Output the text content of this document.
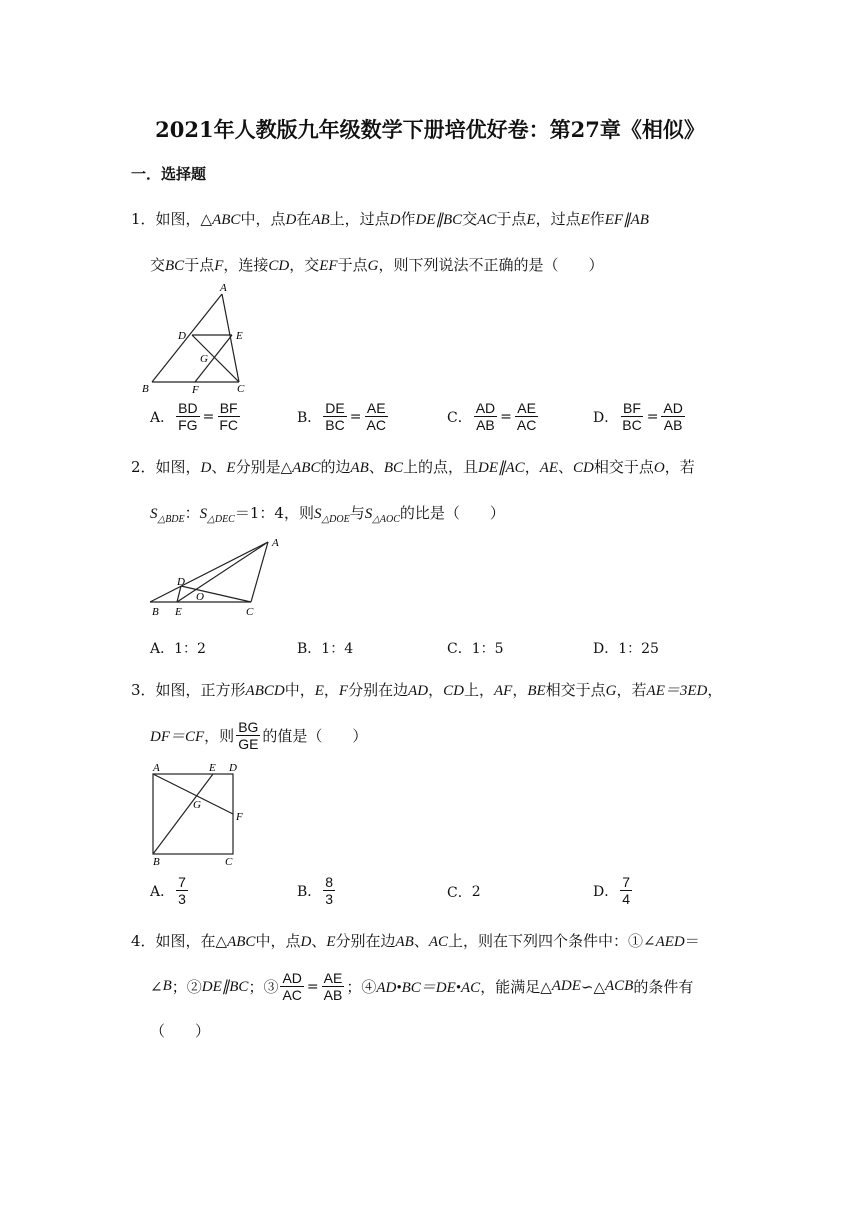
2021年人教版九年级数学下册培优好卷：第27章《相似》
一．选择题
1．如图，△ABC中，点D在AB上，过点D作DE∥BC交AC于点E，过点E作EF∥AB
交BC于点F，连接CD，交EF于点G，则下列说法不正确的是（　　）
A
B	C
D	E
F
G
A． $\frac{BD}{FG} = \frac{BF}{FC}$	B． $\frac{DE}{BC} = \frac{AE}{AC}$	C． $\frac{AD}{AB} = \frac{AE}{AC}$	D． $\frac{BF}{BC} = \frac{AD}{AB}$
2．如图，D、E分别是△ABC的边AB、BC上的点，且DE∥AC，AE、CD相交于点O，若
$S_{\triangle BDE}$：$S_{\triangle DEC}=1$：4，则$S_{\triangle DOE}$与$S_{\triangle AOC}$的比是（　　）
A
B	C
D
E
O
A． 1：2	B． 1：4	C． 1：5	D． 1：25
3．如图，正方形ABCD中，E，F分别在边AD，CD上，AF，BE相交于点G，若AE＝3ED，
DF＝CF ，则 $\frac{BG}{GE}$ 的值是（　　）
A	E D
F
G
B	C
A． $\frac{7}{3}$	B． $\frac{8}{3}$	C． 2	D． $\frac{7}{4}$
4．如图，在△ABC中，点D、E分别在边AB、AC上，则在下列四个条件中：①∠AED＝
∠ B ；② DE∥BC ；③ $\frac{AD}{AC} = \frac{AE}{AB}$ ；④ AD•BC＝DE•AC ，能满足△ ADE ∽△ ACB 的条件有
（　　）
